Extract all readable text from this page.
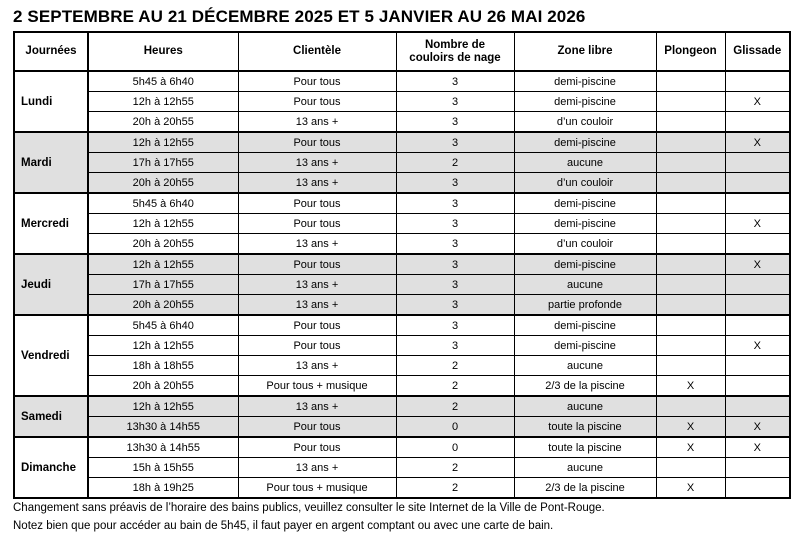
2 SEPTEMBRE AU 21 DÉCEMBRE 2025 ET 5 JANVIER AU 26 MAI 2026
Journées	Heures	Clientèle	Nombre de
couloirs de nage	Zone libre	Plongeon	Glissade
Lundi	5h45 à 6h40	Pour tous	3	demi-piscine		
	12h à 12h55	Pour tous	3	demi-piscine		X
	20h à 20h55	13 ans +	3	d’un couloir		
Mardi	12h à 12h55	Pour tous	3	demi-piscine		X
	17h à 17h55	13 ans +	2	aucune		
	20h à 20h55	13 ans +	3	d’un couloir		
Mercredi	5h45 à 6h40	Pour tous	3	demi-piscine		
	12h à 12h55	Pour tous	3	demi-piscine		X
	20h à 20h55	13 ans +	3	d’un couloir		
Jeudi	12h à 12h55	Pour tous	3	demi-piscine		X
	17h à 17h55	13 ans +	3	aucune		
	20h à 20h55	13 ans +	3	partie profonde		
Vendredi	5h45 à 6h40	Pour tous	3	demi-piscine		
	12h à 12h55	Pour tous	3	demi-piscine		X
	18h à 18h55	13 ans +	2	aucune		
	20h à 20h55	Pour tous + musique	2	2/3 de la piscine	X	
Samedi	12h à 12h55	13 ans +	2	aucune		
	13h30 à 14h55	Pour tous	0	toute la piscine	X	X
Dimanche	13h30 à 14h55	Pour tous	0	toute la piscine	X	X
	15h à 15h55	13 ans +	2	aucune		
	18h à 19h25	Pour tous + musique	2	2/3 de la piscine	X	
Changement sans préavis de l’horaire des bains publics, veuillez consulter le site Internet de la Ville de Pont-Rouge.
Notez bien que pour accéder au bain de 5h45, il faut payer en argent comptant ou avec une carte de bain.
